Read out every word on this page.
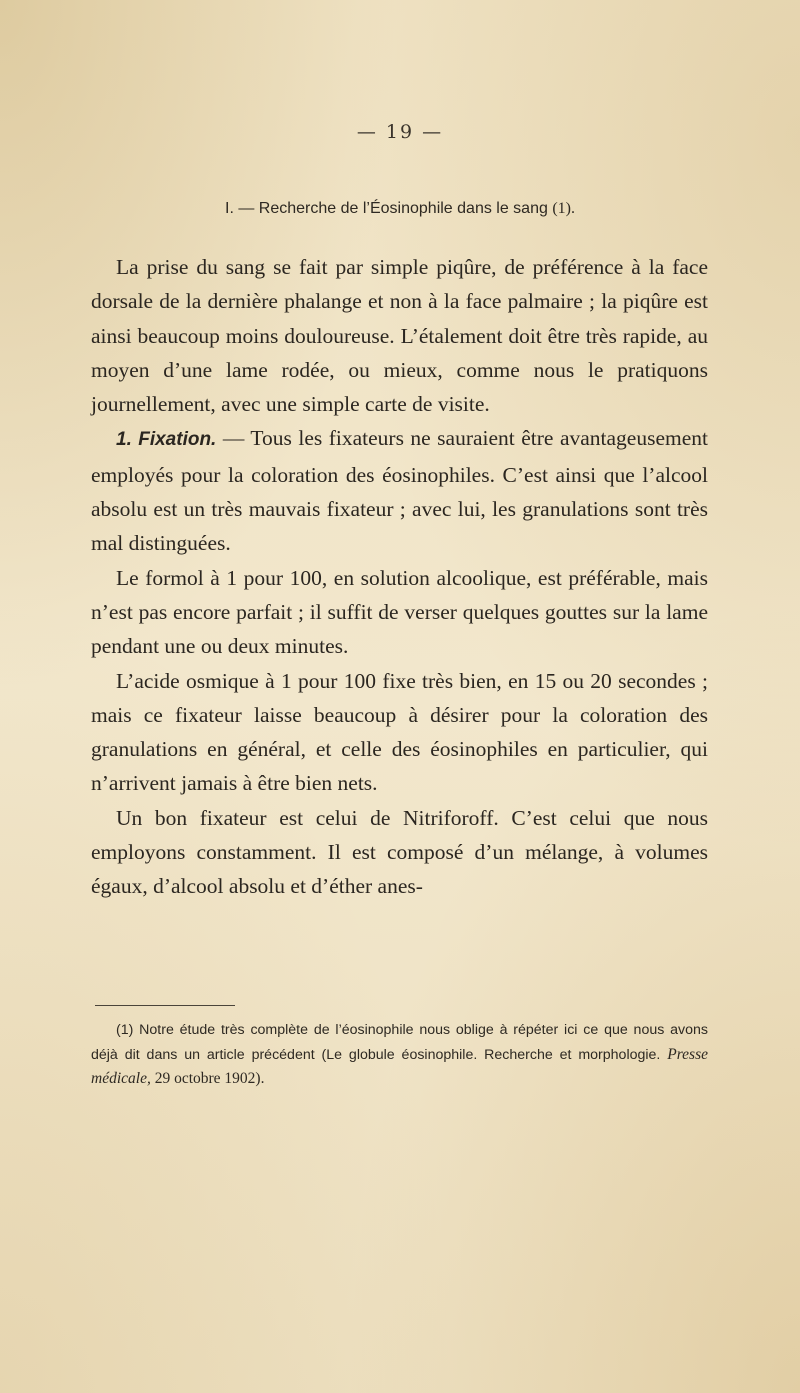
— 19 —
I. — Recherche de l’Éosinophile dans le sang (1).

La prise du sang se fait par simple piqûre, de préférence à la face dorsale de la dernière phalange et non à la face palmaire ; la piqûre est ainsi beaucoup moins douloureuse. L’étalement doit être très rapide, au moyen d’une lame rodée, ou mieux, comme nous le pratiquons journellement, avec une simple carte de visite.

1. Fixation. — Tous les fixateurs ne sauraient être avantageusement employés pour la coloration des éosinophiles. C’est ainsi que l’alcool absolu est un très mauvais fixateur ; avec lui, les granulations sont très mal distinguées.

Le formol à 1 pour 100, en solution alcoolique, est préférable, mais n’est pas encore parfait ; il suffit de verser quelques gouttes sur la lame pendant une ou deux minutes.

L’acide osmique à 1 pour 100 fixe très bien, en 15 ou 20 secondes ; mais ce fixateur laisse beaucoup à désirer pour la coloration des granulations en général, et celle des éosinophiles en particulier, qui n’arrivent jamais à être bien nets.

Un bon fixateur est celui de Nitriforoff. C’est celui que nous employons constamment. Il est composé d’un mélange, à volumes égaux, d’alcool absolu et d’éther anes-

(1) Notre étude très complète de l’éosinophile nous oblige à répéter ici ce que nous avons déjà dit dans un article précédent (Le globule éosinophile. Recherche et morphologie. Presse médicale, 29 octobre 1902).
